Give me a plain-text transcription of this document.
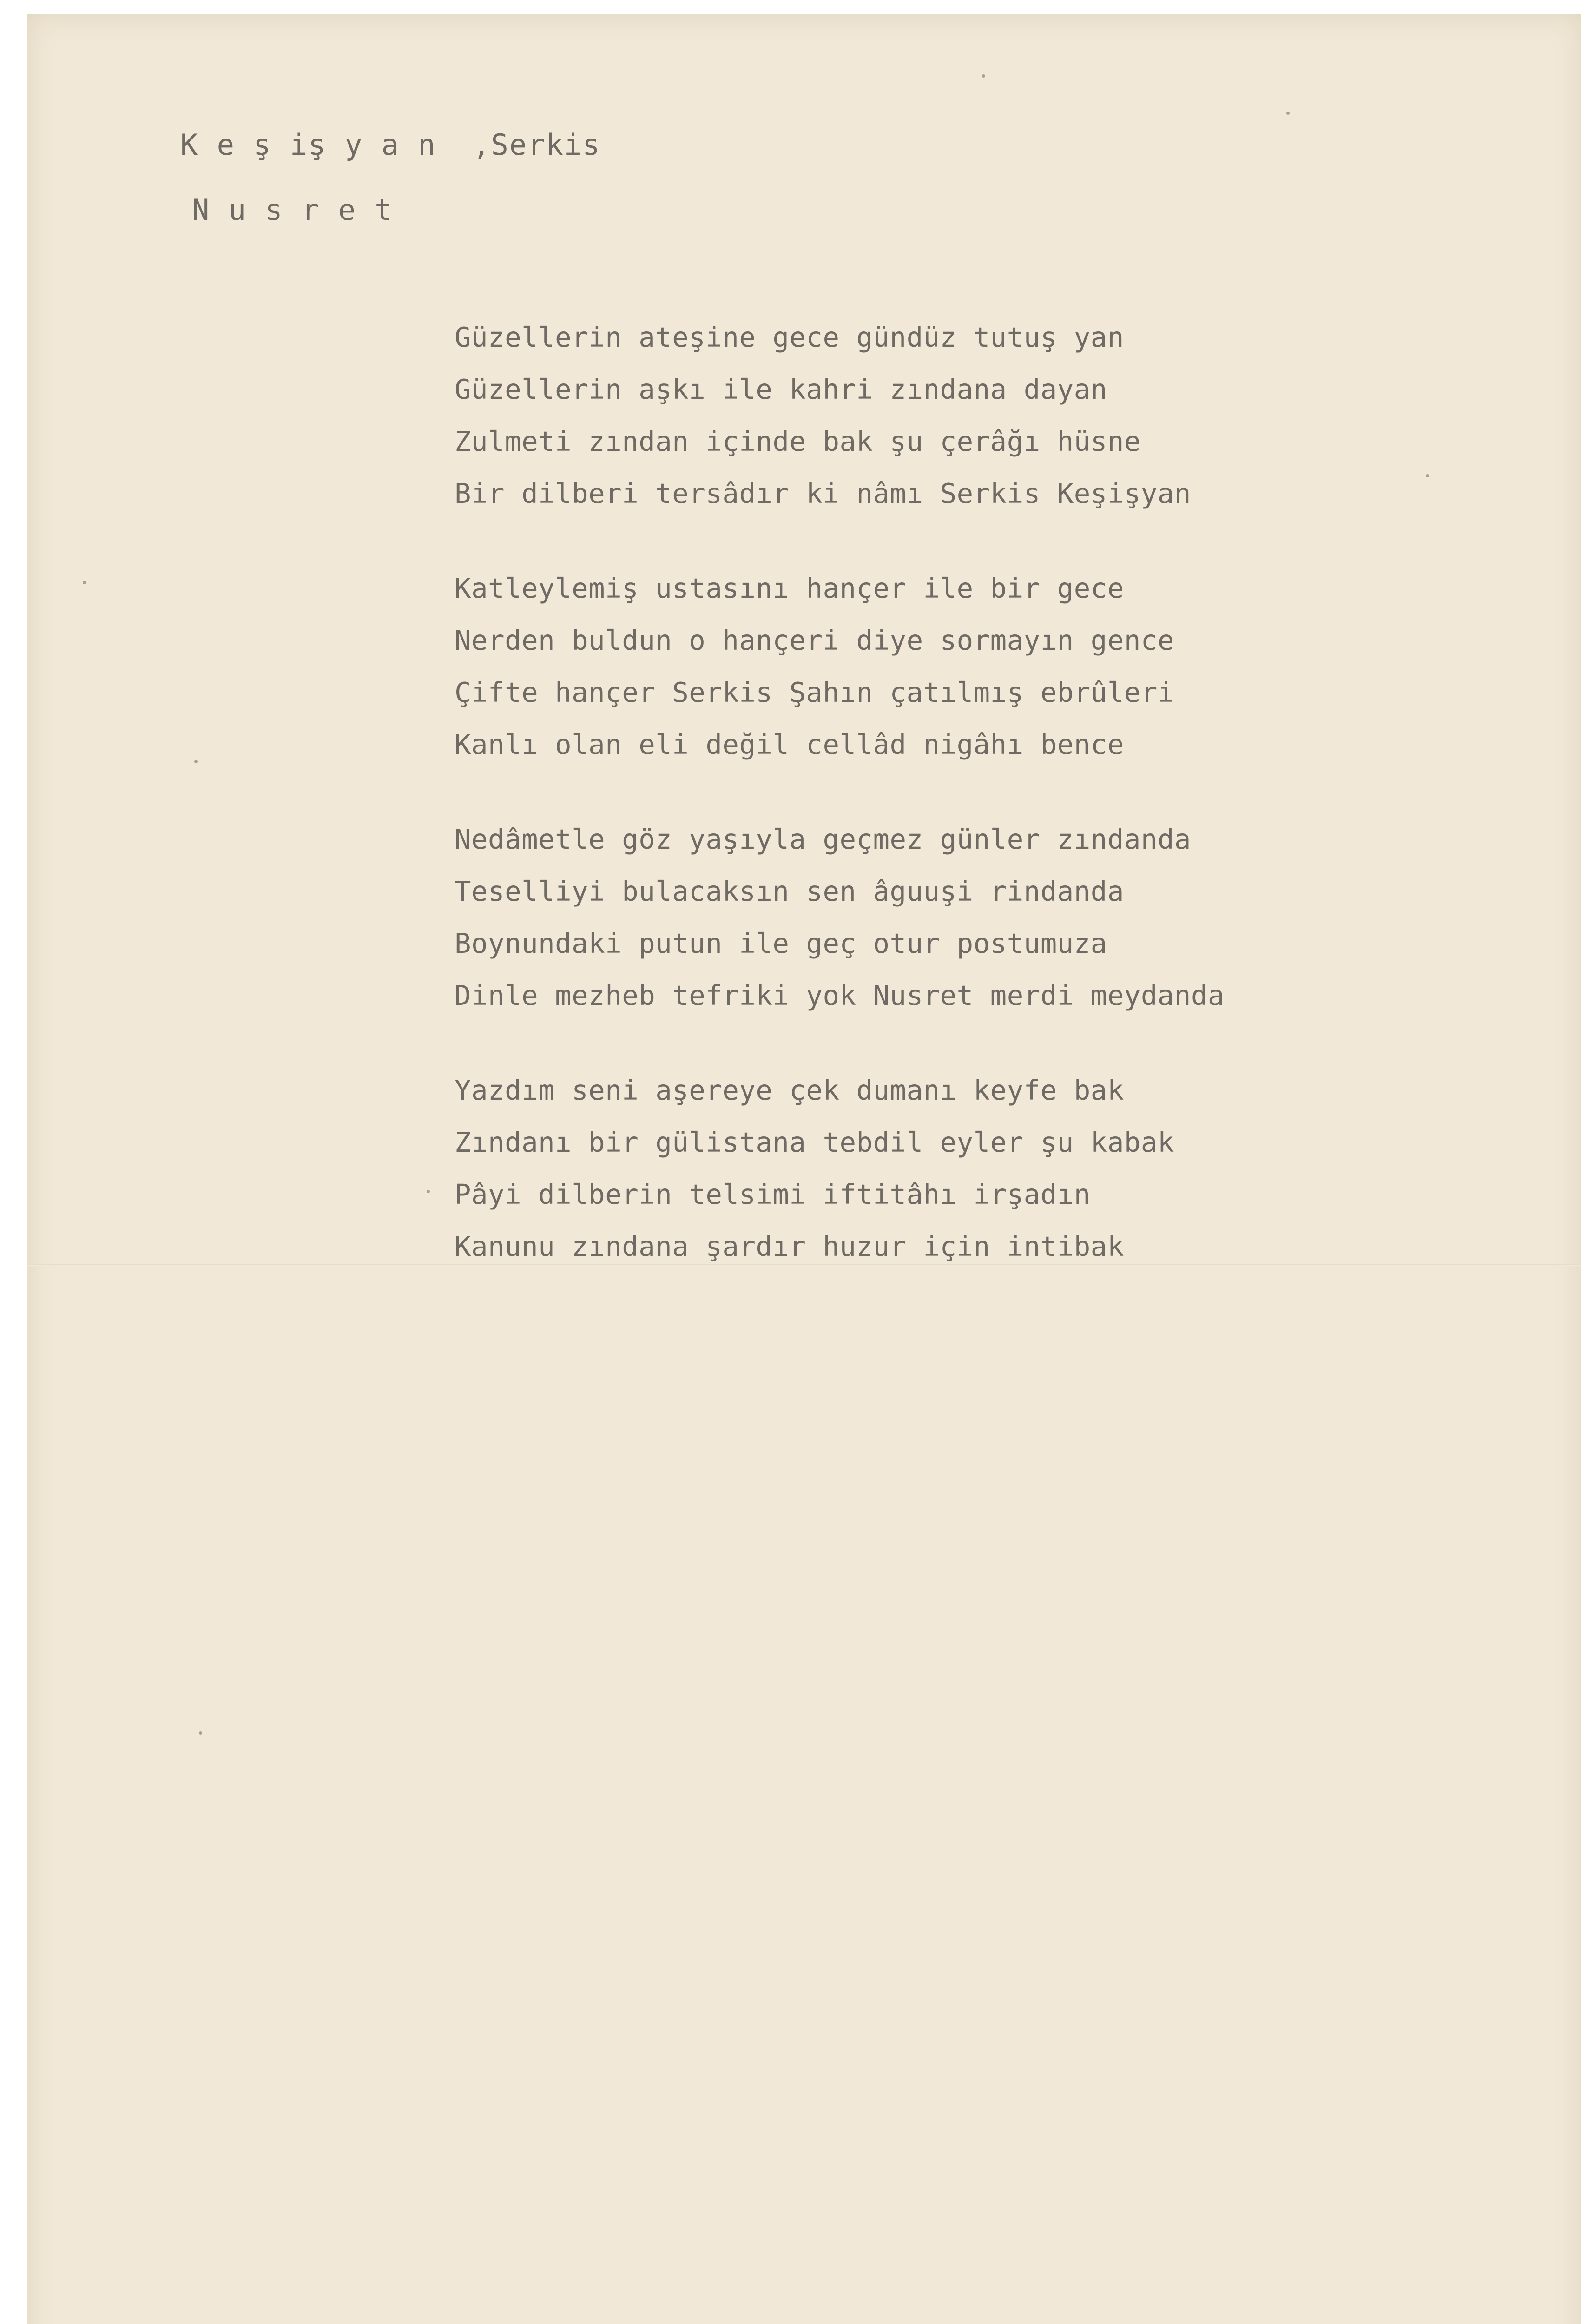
K e ş iş y a n  ,Serkis
N u s r e t
Güzellerin ateşine gece gündüz tutuş yan
Güzellerin aşkı ile kahri zındana dayan
Zulmeti zından içinde bak şu çerâğı hüsne
Bir dilberi tersâdır ki nâmı Serkis Keşişyan
Katleylemiş ustasını hançer ile bir gece
Nerden buldun o hançeri diye sormayın gence
Çifte hançer Serkis Şahın çatılmış ebrûleri
Kanlı olan eli değil cellâd nigâhı bence
Nedâmetle göz yaşıyla geçmez günler zındanda
Teselliyi bulacaksın sen âguuşi rindanda
Boynundaki putun ile geç otur postumuza
Dinle mezheb tefriki yok Nusret merdi meydanda
Yazdım seni aşereye çek dumanı keyfe bak
Zındanı bir gülistana tebdil eyler şu kabak
Pâyi dilberin telsimi iftitâhı irşadın
Kanunu zındana şardır huzur için intibak
